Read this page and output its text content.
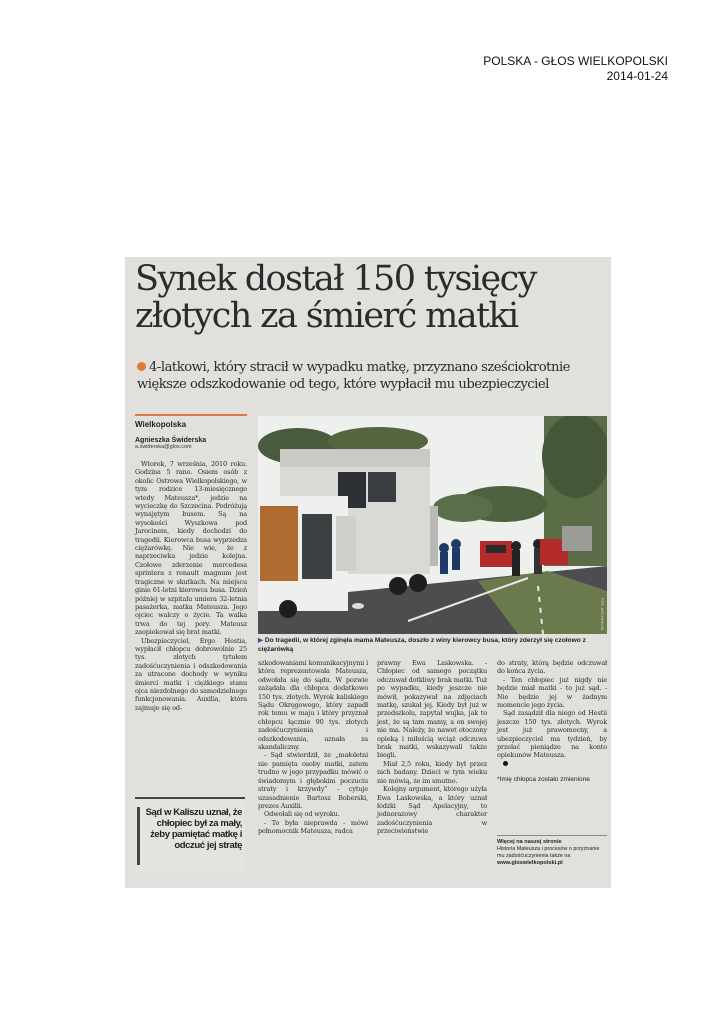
POLSKA - GŁOS WIELKOPOLSKI
2014-01-24
Synek dostał 150 tysięcy
złotych za śmierć matki
4-latkowi, który stracił w wypadku matkę, przyznano sześciokrotnie większe odszkodowanie od tego, które wypłacił mu ubezpieczyciel
Wielkopolska
Agnieszka Świderska
a.swiderska@glos.com

Wtorek, 7 września, 2010 roku. Godzina 5 rano. Osiem osób z okolic Ostrowa Wielkopolskiego, w tym rodzice 13-miesięcznego wtedy Mateusza*, jedzie na wycieczkę do Szczecina. Podróżują wynajętym busem. Są na wysokości Wyszkowa pod Jarocinem, kiedy dochodzi do tragedii. Kierowca busa wyprzedza ciężarówkę. Nie wie, że z naprzeciwka jedzie kolejna. Czołowe zderzenie mercedesa sprintera z renault magnum jest tragiczne w skutkach. Na miejscu ginie 61-letni kierowca busa. Dzień później w szpitalu umiera 32-letnia pasażerka, matka Mateusza. Jego ojciec walczy o życie. Ta walka trwa do tej pory. Mateusz zaopiekował się brat matki.

Ubezpieczyciel, Ergo Hestia, wypłacił chłopcu dobrowolnie 25 tys. złotych tytułem zadośćuczynienia i odszkodowania za utracone dochody w wyniku śmierci matki i ciężkiego stanu ojca niezdolnego do samodzielnego funkcjonowania. Auxilia, która zajmuje się od-

FOT. ARCHIWUM
▶ Do tragedii, w której zginęła mama Mateusza, doszło z winy kierowcy busa, który zderzył się czołowo z ciężarówką

szkodowaniami komunikacyjnymi i która reprezentowała Mateusza, odwołała się do sądu. W pozwie zażądała dla chłopca dodatkowo 150 tys. złotych. Wyrok kaliskiego Sądu Okręgowego, który zapadł rok temu w maju i który przyznał chłopcu łącznie 90 tys. złotych zadośćuczynienia i odszkodowania, uznała za skandaliczny.

- Sąd stwierdził, że „małoletni nie pamięta osoby matki, zatem trudno w jego przypadku mówić o świadomym i głębokim poczuciu straty i krzywdy” - cytuje uzasadnienie Bartosz Boberski, prezes Auxilii.

Odwołali się od wyroku.

- To była nieprawda - mówi pełnomocnik Mateusza, radca

prawny Ewa Laskowska. - Chłopiec od samego początku odczuwał dotkliwy brak matki. Tuż po wypadku, kiedy jeszcze nie mówił, pokazywał na zdjęciach matkę, szukał jej. Kiedy był już w przedszkolu, zapytał wujka, jak to jest, że są tam mamy, a on swojej nie ma. Należy, że nawet otoczony opieką i miłością wciąż odczuwa brak matki, wskazywali także biegli.

Miał 2,5 roku, kiedy był przez nich badany. Dzieci w tym wieku nie mówią, że im smutno.

Kolejny argument, którego użyła Ewa Laskowska, a który uznał łódzki Sąd Apelacyjny, to jednorazowy charakter zadośćuczynienia w przeciwieństwie

do straty, którą będzie odczuwał do końca życia.

- Ten chłopiec już nigdy nie będzie miał matki - to już sąd. - Nie będzie jej w żadnym momencie jego życia.

Sąd zasądził dla niego od Hestii jeszcze 150 tys. złotych. Wyrok jest już prawomocny, a ubezpieczyciel ma tydzień, by przelać pieniądze na konto opiekunów Mateusza.

*Imię chłopca zostało zmienione
Sąd w Kaliszu uznał, że chłopiec był za mały, żeby pamiętać matkę i odczuć jej stratę	Więcej na naszej stronie
Historia Mateusza i procesów o przyznanie mu zadośćuczynienia także na www.gloswielkopolski.pl
